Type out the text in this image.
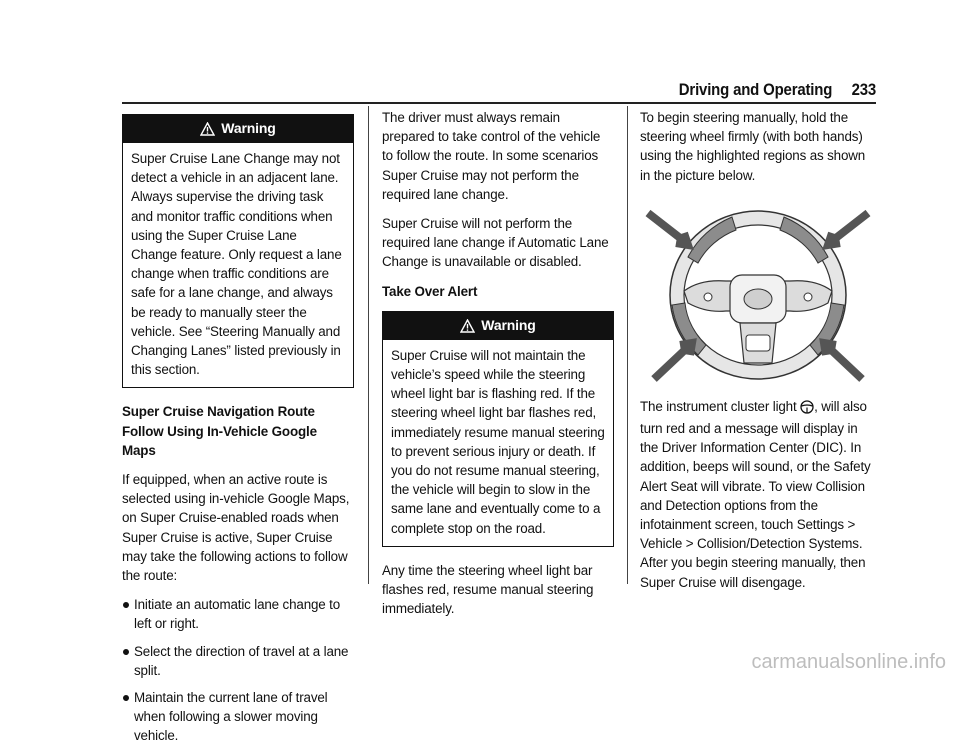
Driving and Operating 233
Warning
Super Cruise Lane Change may not detect a vehicle in an adjacent lane. Always supervise the driving task and monitor traffic conditions when using the Super Cruise Lane Change feature. Only request a lane change when traffic conditions are safe for a lane change, and always be ready to manually steer the vehicle. See “Steering Manually and Changing Lanes” listed previously in this section.

Super Cruise Navigation Route Follow Using In-Vehicle Google Maps

If equipped, when an active route is selected using in-vehicle Google Maps, on Super Cruise-enabled roads when Super Cruise is active, Super Cruise may take the following actions to follow the route:

Initiate an automatic lane change to left or right.
Select the direction of travel at a lane split.
Maintain the current lane of travel when following a slower moving vehicle.

The driver must always remain prepared to take control of the vehicle to follow the route. In some scenarios Super Cruise may not perform the required lane change.

Super Cruise will not perform the required lane change if Automatic Lane Change is unavailable or disabled.

Take Over Alert

Warning
Super Cruise will not maintain the vehicle’s speed while the steering wheel light bar is flashing red. If the steering wheel light bar flashes red, immediately resume manual steering to prevent serious injury or death. If you do not resume manual steering, the vehicle will begin to slow in the same lane and eventually come to a complete stop on the road.

Any time the steering wheel light bar flashes red, resume manual steering immediately.

To begin steering manually, hold the steering wheel firmly (with both hands) using the highlighted regions as shown in the picture below.

The instrument cluster light , will also turn red and a message will display in the Driver Information Center (DIC). In addition, beeps will sound, or the Safety Alert Seat will vibrate. To view Collision and Detection options from the infotainment screen, touch Settings > Vehicle > Collision/Detection Systems. After you begin steering manually, then Super Cruise will disengage.

carmanualsonline.info
